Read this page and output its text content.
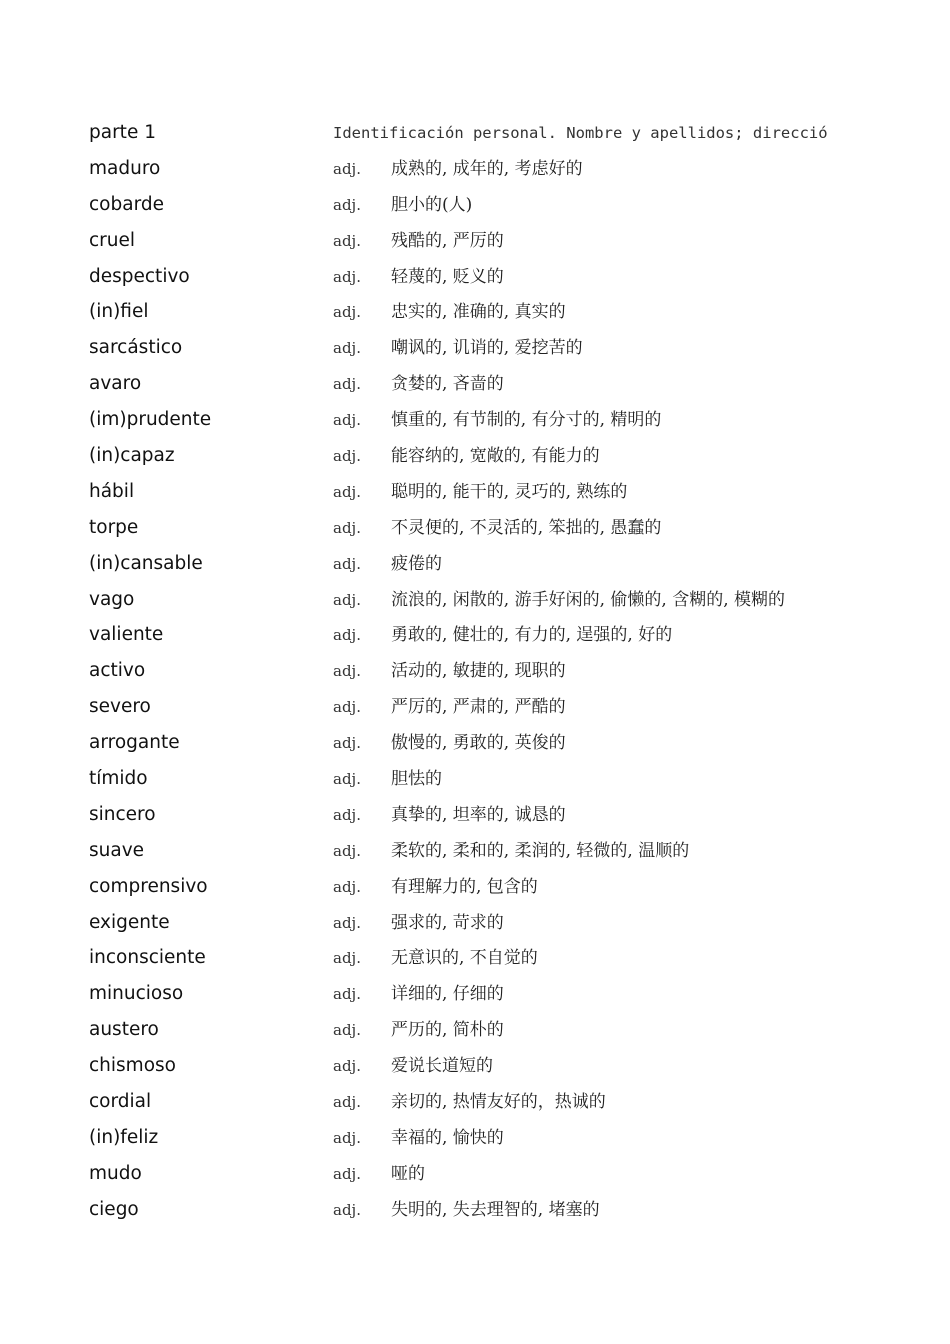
parte 1	Identificación personal. Nombre y apellidos; direcció
maduro	adj. 成熟的, 成年的, 考虑好的
cobarde	adj. 胆小的(人)
cruel	adj. 残酷的, 严厉的
despectivo	adj. 轻蔑的, 贬义的
(in)fiel	adj. 忠实的, 准确的, 真实的
sarcástico	adj. 嘲讽的, 讥诮的, 爱挖苦的
avaro	adj. 贪婪的, 吝啬的
(im)prudente	adj. 慎重的, 有节制的, 有分寸的, 精明的
(in)capaz	adj. 能容纳的, 宽敞的, 有能力的
hábil	adj. 聪明的, 能干的, 灵巧的, 熟练的
torpe	adj. 不灵便的, 不灵活的, 笨拙的, 愚蠢的
(in)cansable	adj. 疲倦的
vago	adj. 流浪的, 闲散的, 游手好闲的, 偷懒的, 含糊的, 模糊的
valiente	adj. 勇敢的, 健壮的, 有力的, 逞强的, 好的
activo	adj. 活动的, 敏捷的, 现职的
severo	adj. 严厉的, 严肃的, 严酷的
arrogante	adj. 傲慢的, 勇敢的, 英俊的
tímido	adj. 胆怯的
sincero	adj. 真挚的, 坦率的, 诚恳的
suave	adj. 柔软的, 柔和的, 柔润的, 轻微的, 温顺的
comprensivo	adj. 有理解力的, 包含的
exigente	adj. 强求的, 苛求的
inconsciente	adj. 无意识的, 不自觉的
minucioso	adj. 详细的, 仔细的
austero	adj. 严历的, 简朴的
chismoso	adj. 爱说长道短的
cordial	adj. 亲切的, 热情友好的，热诚的
(in)feliz	adj. 幸福的, 愉快的
mudo	adj. 哑的
ciego	adj. 失明的, 失去理智的, 堵塞的
